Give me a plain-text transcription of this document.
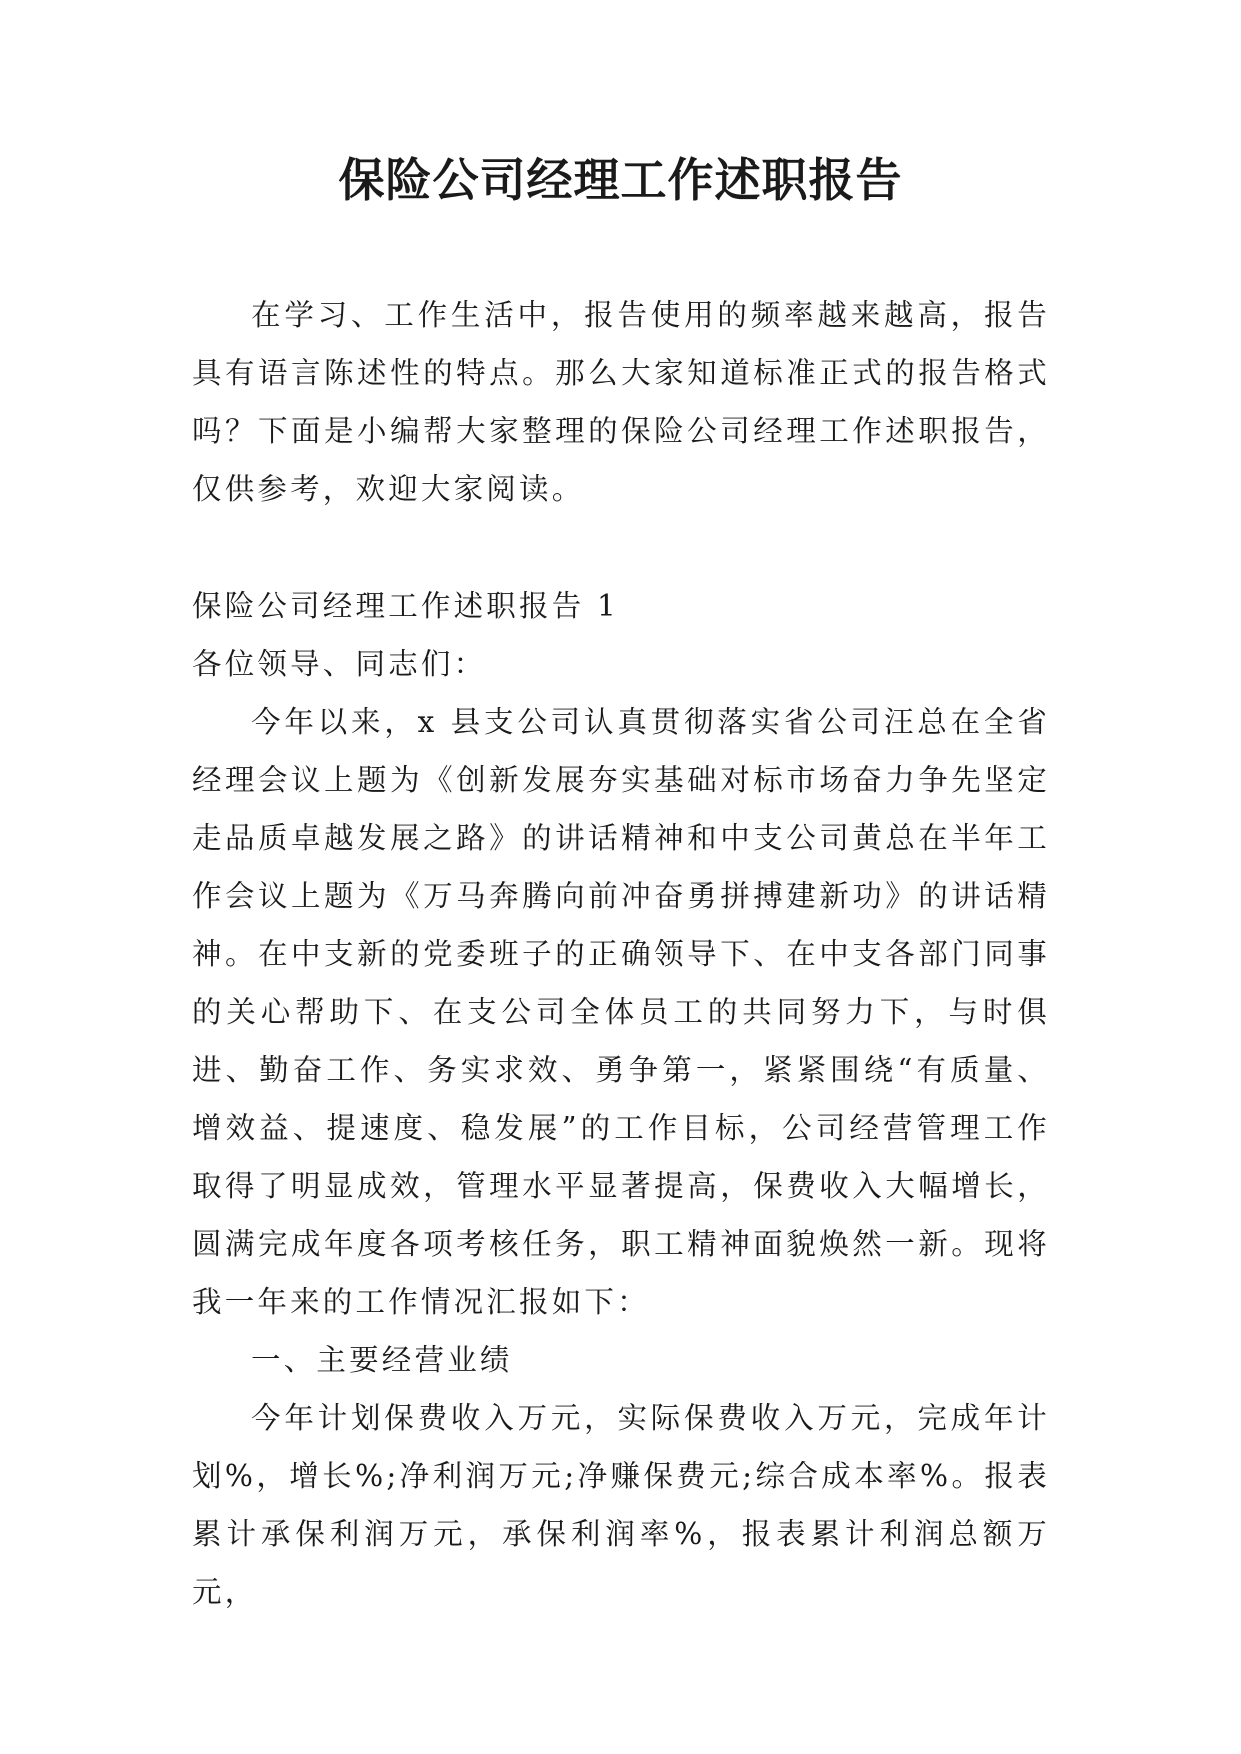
保险公司经理工作述职报告

在学习、工作生活中，报告使用的频率越来越高，报告具有语言陈述性的特点。那么大家知道标准正式的报告格式吗？下面是小编帮大家整理的保险公司经理工作述职报告，仅供参考，欢迎大家阅读。

保险公司经理工作述职报告 1

各位领导、同志们：

今年以来，x 县支公司认真贯彻落实省公司汪总在全省经理会议上题为《创新发展夯实基础对标市场奋力争先坚定走品质卓越发展之路》的讲话精神和中支公司黄总在半年工作会议上题为《万马奔腾向前冲奋勇拼搏建新功》的讲话精神。在中支新的党委班子的正确领导下、在中支各部门同事的关心帮助下、在支公司全体员工的共同努力下，与时俱进、勤奋工作、务实求效、勇争第一，紧紧围绕“有质量、增效益、提速度、稳发展”的工作目标，公司经营管理工作取得了明显成效，管理水平显著提高，保费收入大幅增长，圆满完成年度各项考核任务，职工精神面貌焕然一新。现将我一年来的工作情况汇报如下：

一、主要经营业绩

今年计划保费收入万元，实际保费收入万元，完成年计划%，增长%;净利润万元;净赚保费元;综合成本率%。报表累计承保利润万元，承保利润率%，报表累计利润总额万元，
